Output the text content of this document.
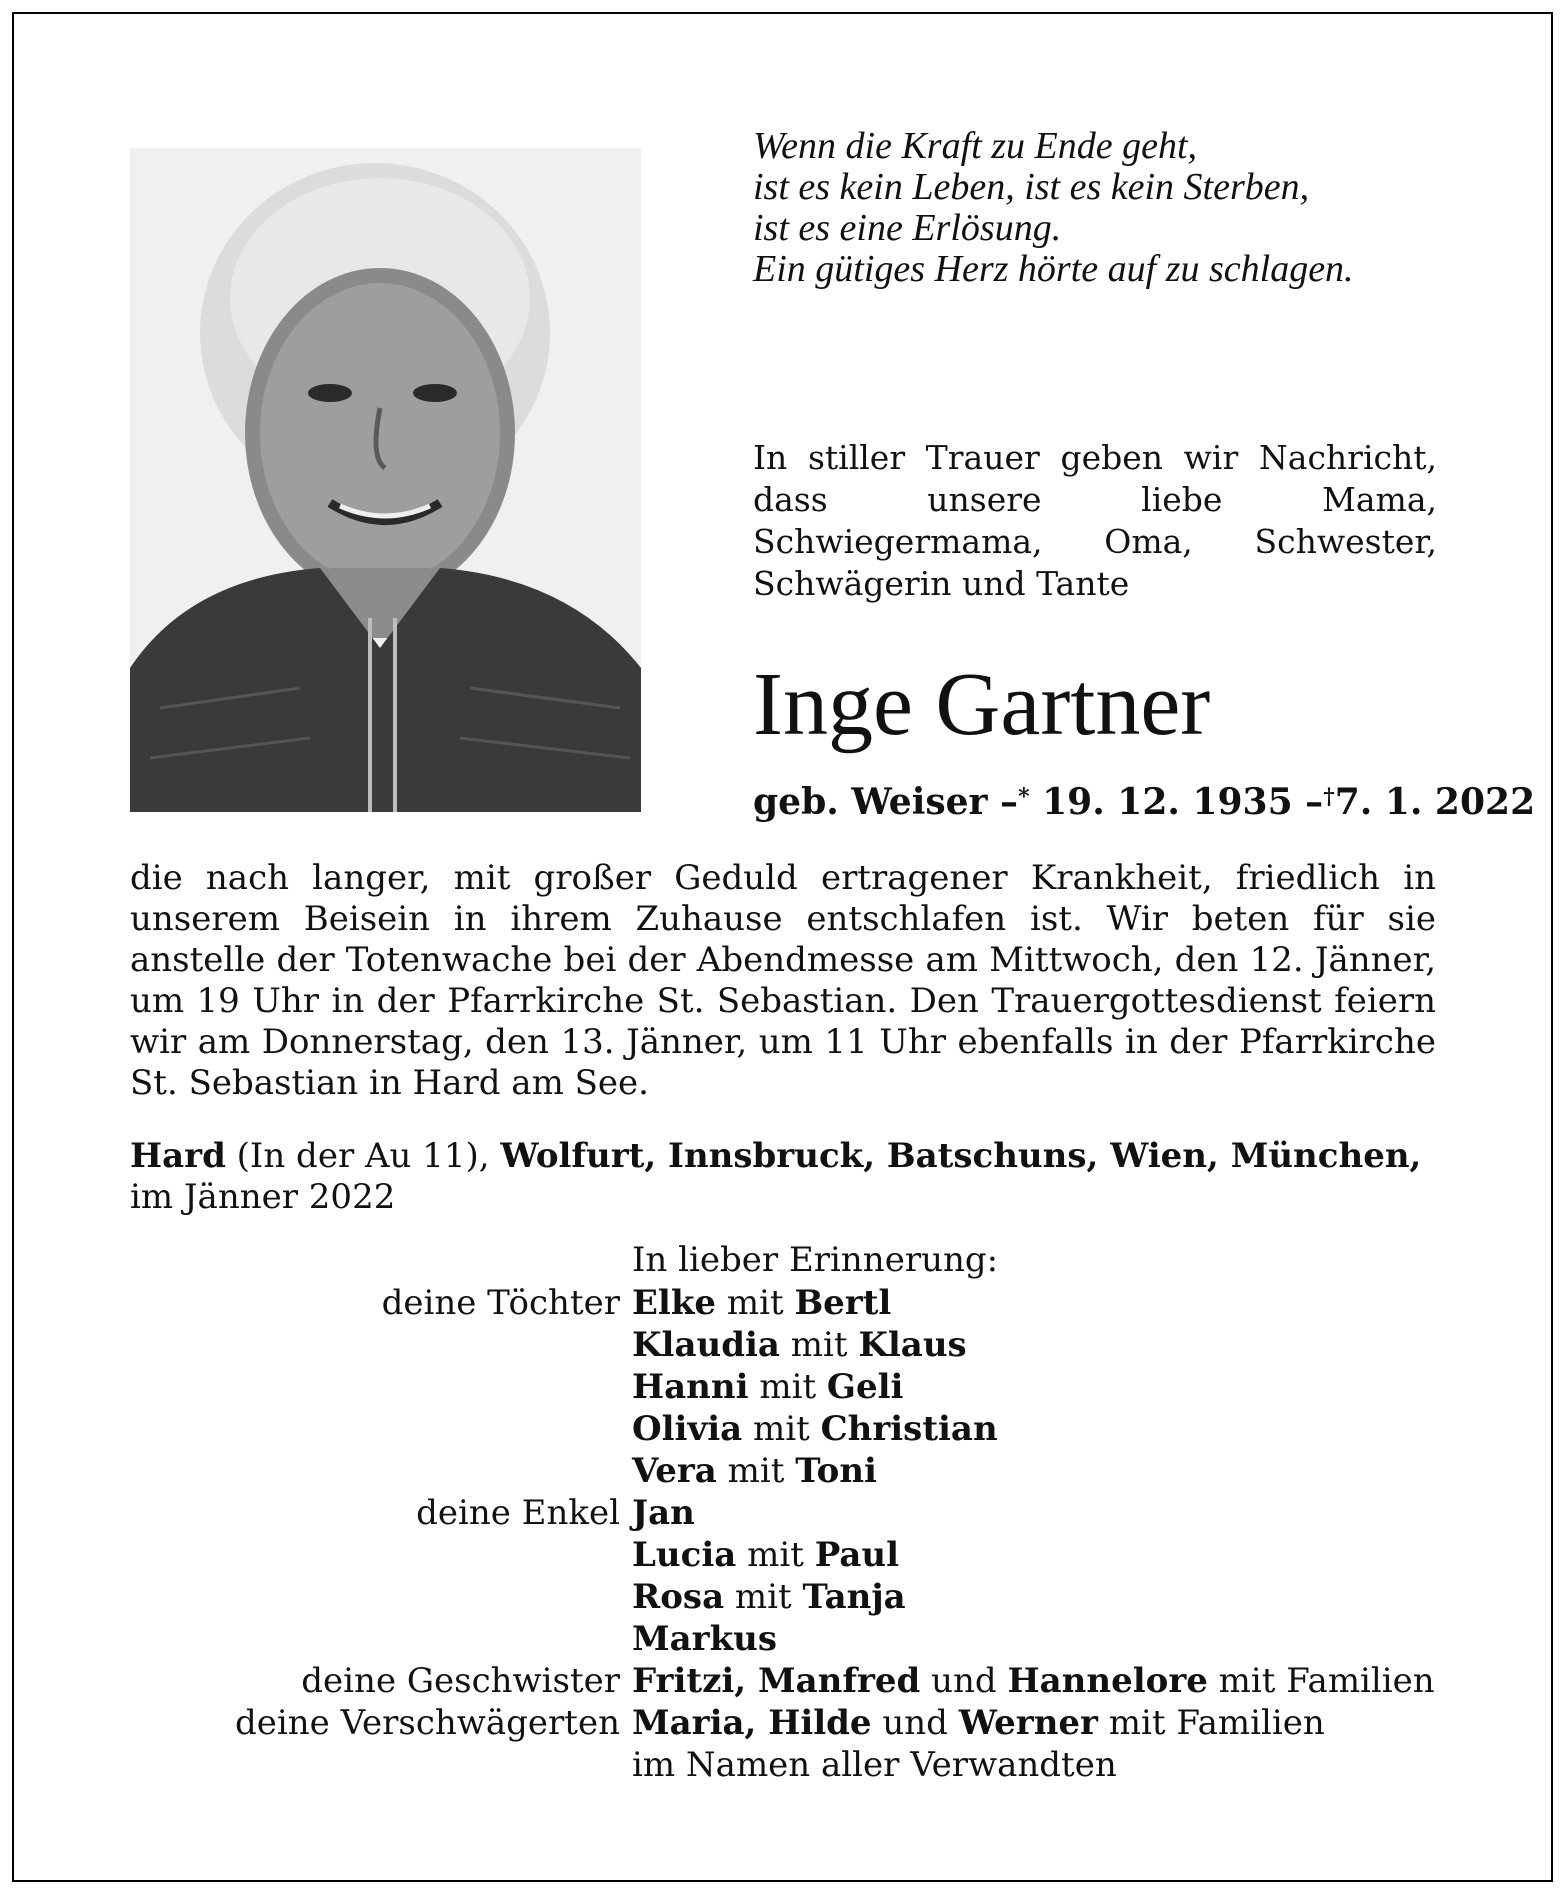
Wenn die Kraft zu Ende geht,
ist es kein Leben, ist es kein Sterben,
ist es eine Erlösung.
Ein gütiges Herz hörte auf zu schlagen.
In stiller Trauer geben wir Nachricht, dass unsere liebe Mama, Schwiegermama, Oma, Schwester, Schwägerin und Tante
Inge Gartner
geb. Weiser –* 19. 12. 1935 –†7. 1. 2022
die nach langer, mit großer Geduld ertragener Krankheit, friedlich in unserem Beisein in ihrem Zuhause entschlafen ist. Wir beten für sie anstelle der Totenwache bei der Abendmesse am Mittwoch, den 12. Jänner, um 19 Uhr in der Pfarrkirche St. Sebastian. Den Trauergottesdienst feiern wir am Donnerstag, den 13. Jänner, um 11 Uhr ebenfalls in der Pfarrkirche St. Sebastian in Hard am See.
Hard (In der Au 11), Wolfurt, Innsbruck, Batschuns, Wien, München,
im Jänner 2022
In lieber Erinnerung:
deine Töchter Elke mit Bertl
Klaudia mit Klaus
Hanni mit Geli
Olivia mit Christian
Vera mit Toni
deine Enkel Jan
Lucia mit Paul
Rosa mit Tanja
Markus
deine Geschwister Fritzi, Manfred und Hannelore mit Familien
deine Verschwägerten Maria, Hilde und Werner mit Familien
im Namen aller Verwandten
